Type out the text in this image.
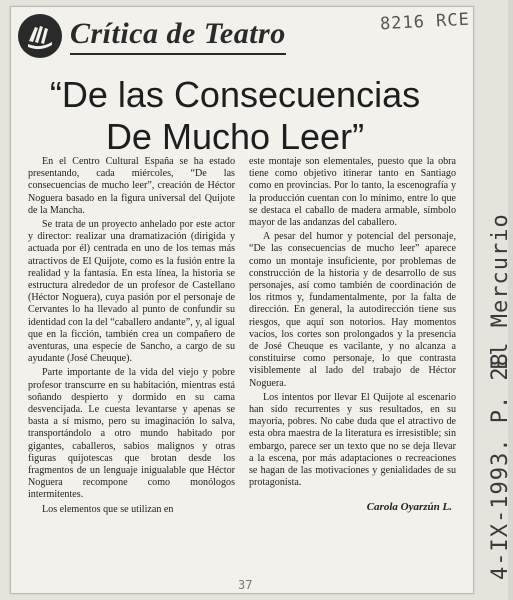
Crítica de Teatro	8216 RCE
“De las Consecuencias
De Mucho Leer”

En el Centro Cultural España se ha estado presentando, cada miércoles, “De las consecuencias de mucho leer”, creación de Héctor Noguera basado en la figura universal del Quijote de la Mancha.

Se trata de un proyecto anhelado por este actor y director: realizar una dramatización (dirigida y actuada por él) centrada en uno de los temas más atractivos de El Quijote, como es la fusión entre la realidad y la fantasía. En esta línea, la historia se estructura alrededor de un profesor de Castellano (Héctor Noguera), cuya pasión por el personaje de Cervantes lo ha llevado al punto de confundir su identidad con la del “caballero andante”, y, al igual que en la ficción, también crea un compañero de aventuras, una especie de Sancho, a cargo de su ayudante (José Cheuque).

Parte importante de la vida del viejo y pobre profesor transcurre en su habitación, mientras está soñando despierto y dormido en su cama desvencijada. Le cuesta levantarse y apenas se basta a sí mismo, pero su imaginación lo salva, transportándolo a otro mundo habitado por gigantes, caballeros, sabios malignos y otras figuras quijotescas que brotan desde los fragmentos de un lenguaje inigualable que Héctor Noguera recompone como monólogos intermitentes.

Los elementos que se utilizan en

este montaje son elementales, puesto que la obra tiene como objetivo itinerar tanto en Santiago como en provincias. Por lo tanto, la escenografía y la producción cuentan con lo mínimo, entre lo que se destaca el caballo de madera armable, símbolo mayor de las andanzas del caballero.

A pesar del humor y potencial del personaje, “De las consecuencias de mucho leer” aparece como un montaje insuficiente, por problemas de construcción de la historia y de desarrollo de sus personajes, así como también de coordinación de los ritmos y, fundamentalmente, por la falta de dirección. En general, la autodirección tiene sus riesgos, que aquí son notorios. Hay momentos vacíos, los cortes son prolongados y la presencia de José Cheuque es vacilante, y no alcanza a constituirse como personaje, lo que contrasta visiblemente al lado del trabajo de Héctor Noguera.

Los intentos por llevar El Quijote al escenario han sido recurrentes y sus resultados, en su mayoría, pobres. No cabe duda que el atractivo de esta obra maestra de la literatura es irresistible; sin embargo, parece ser un texto que no se deja llevar a la escena, por más adaptaciones o recreaciones se hagan de las motivaciones y genialidades de su protagonista.

Carola Oyarzún L.
El Mercurio
4-IX-1993. P. 28
37
